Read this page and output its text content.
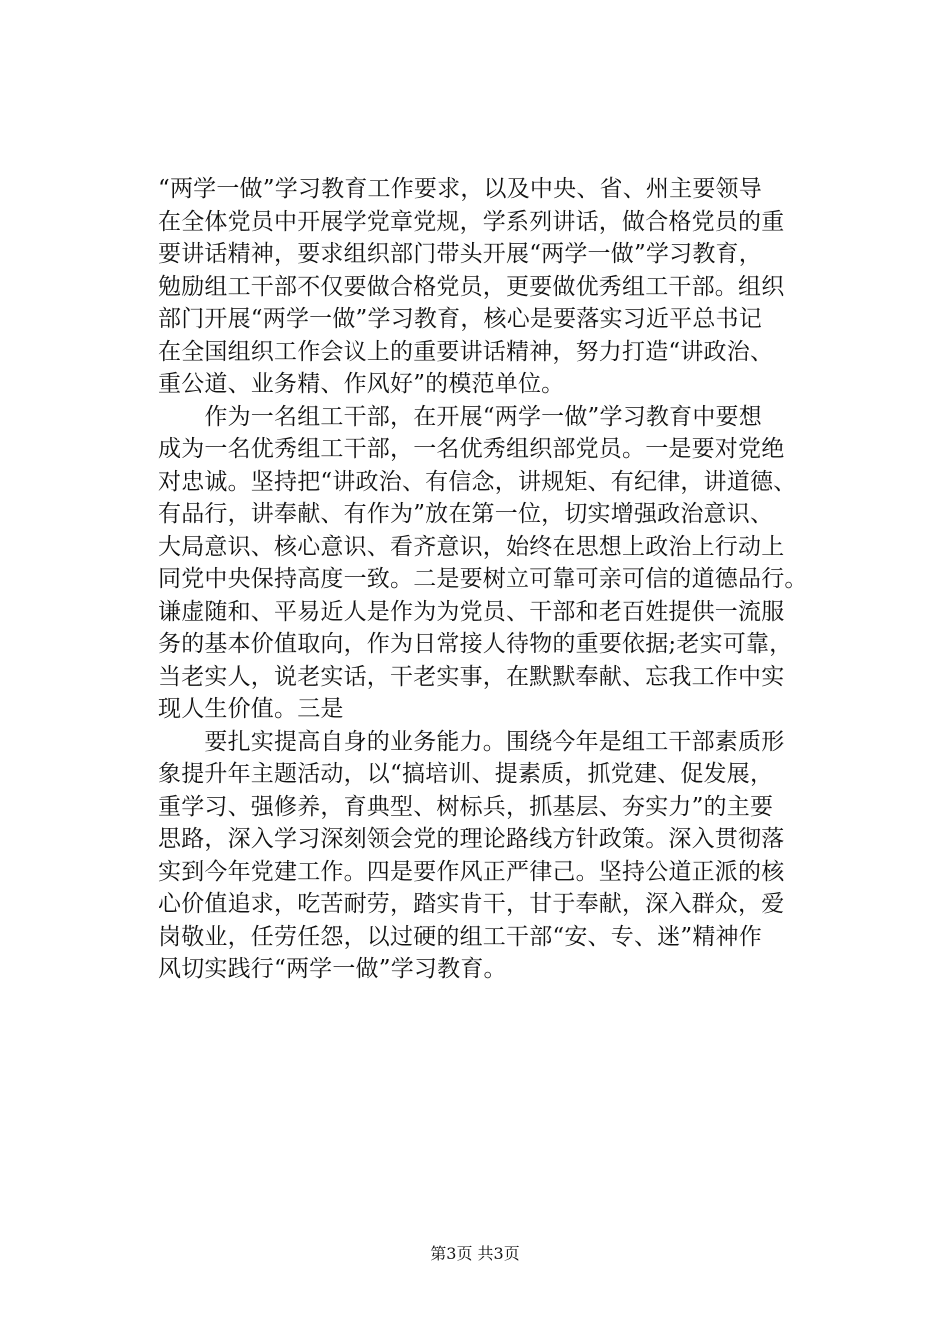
“两学一做”学习教育工作要求，以及中央、省、州主要领导
在全体党员中开展学党章党规，学系列讲话，做合格党员的重
要讲话精神，要求组织部门带头开展“两学一做”学习教育，
勉励组工干部不仅要做合格党员，更要做优秀组工干部。组织
部门开展“两学一做”学习教育，核心是要落实习近平总书记
在全国组织工作会议上的重要讲话精神，努力打造“讲政治、
重公道、业务精、作风好”的模范单位。
　　作为一名组工干部，在开展“两学一做”学习教育中要想
成为一名优秀组工干部，一名优秀组织部党员。一是要对党绝
对忠诚。坚持把“讲政治、有信念，讲规矩、有纪律，讲道德、
有品行，讲奉献、有作为”放在第一位，切实增强政治意识、
大局意识、核心意识、看齐意识，始终在思想上政治上行动上
同党中央保持高度一致。二是要树立可靠可亲可信的道德品行。
谦虚随和、平易近人是作为为党员、干部和老百姓提供一流服
务的基本价值取向，作为日常接人待物的重要依据;老实可靠，
当老实人，说老实话，干老实事，在默默奉献、忘我工作中实
现人生价值。三是
　　要扎实提高自身的业务能力。围绕今年是组工干部素质形
象提升年主题活动，以“搞培训、提素质，抓党建、促发展，
重学习、强修养，育典型、树标兵，抓基层、夯实力”的主要
思路，深入学习深刻领会党的理论路线方针政策。深入贯彻落
实到今年党建工作。四是要作风正严律己。坚持公道正派的核
心价值追求，吃苦耐劳，踏实肯干，甘于奉献，深入群众，爱
岗敬业，任劳任怨，以过硬的组工干部“安、专、迷”精神作
风切实践行“两学一做”学习教育。
第3页 共3页
